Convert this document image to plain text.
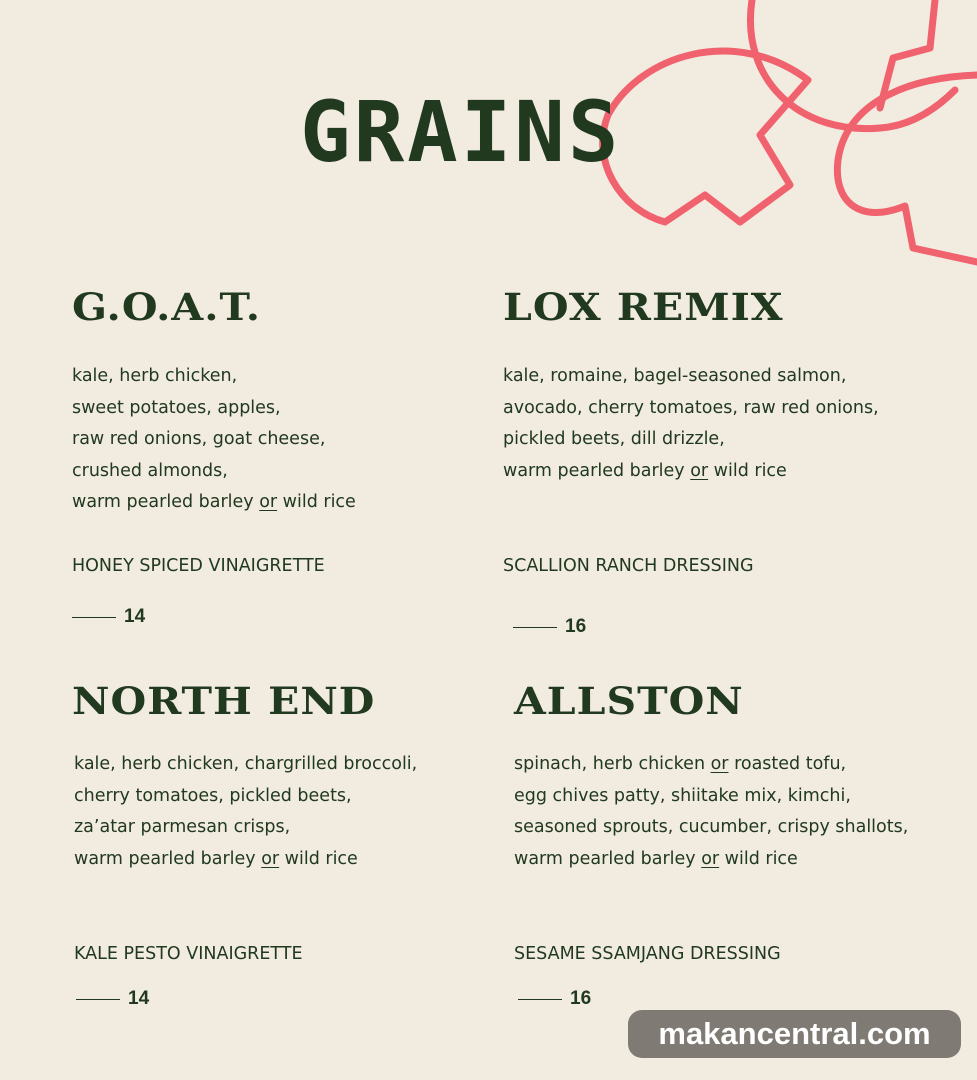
GRAINS
G.O.A.T.
kale, herb chicken,
sweet potatoes, apples,
raw red onions, goat cheese,
crushed almonds,
warm pearled barley or wild rice
HONEY SPICED VINAIGRETTE
14
LOX REMIX
kale, romaine, bagel-seasoned salmon,
avocado, cherry tomatoes, raw red onions,
pickled beets, dill drizzle,
warm pearled barley or wild rice
SCALLION RANCH DRESSING
16
NORTH END
kale, herb chicken, chargrilled broccoli,
cherry tomatoes, pickled beets,
za’atar parmesan crisps,
warm pearled barley or wild rice
KALE PESTO VINAIGRETTE
14
ALLSTON
spinach, herb chicken or roasted tofu,
egg chives patty, shiitake mix, kimchi,
seasoned sprouts, cucumber, crispy shallots,
warm pearled barley or wild rice
SESAME SSAMJANG DRESSING
16
makancentral.com
